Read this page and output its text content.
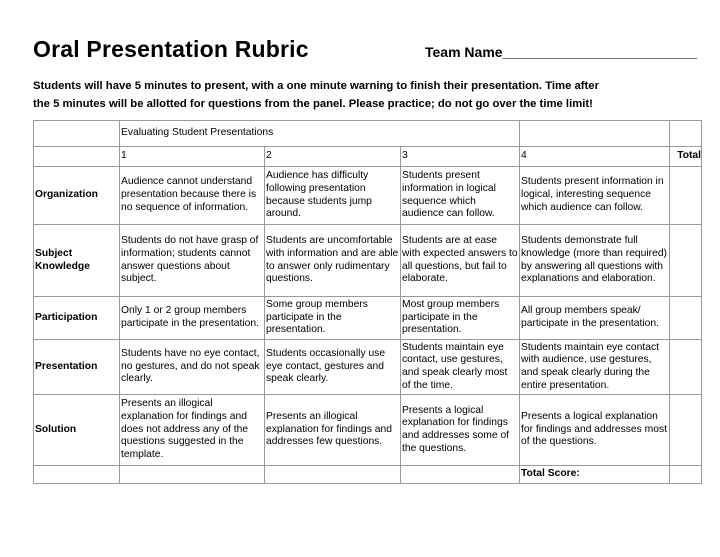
Oral Presentation Rubric	Team Name_________________________
Students will have 5 minutes to present, with a one minute warning to finish their presentation. Time after
the 5 minutes will be allotted for questions from the panel. Please practice; do not go over the time limit!
	Evaluating Student Presentations				
	1	2	3	4	Total
Organization	Audience cannot understand presentation because there is no sequence of information.	Audience has difficulty following presentation because students jump around.	Students present information in logical sequence which audience can follow.	Students present information in logical, interesting sequence which audience can follow.	
Subject Knowledge	Students do not have grasp of information; students cannot answer questions about subject.	Students are uncomfortable with information and are able to answer only rudimentary questions.	Students are at ease with expected answers to all questions, but fail to elaborate.	Students demonstrate full knowledge (more than required) by answering all questions with explanations and elaboration.	
Participation	Only 1 or 2 group members participate in the presentation.	Some group members participate in the presentation.	Most group members participate in the presentation.	All group members speak/ participate in the presentation.	
Presentation	Students have no eye contact, no gestures, and do not speak clearly.	Students occasionally use eye contact, gestures and speak clearly.	Students maintain eye contact, use gestures, and speak clearly most of the time.	Students maintain eye contact with audience, use gestures, and speak clearly during the entire presentation.	
Solution	Presents an illogical explanation for findings and does not address any of the questions suggested in the template.	Presents an illogical explanation for findings and addresses few questions.	Presents a logical explanation for findings and addresses some of the questions.	Presents a logical explanation for findings and addresses most of the questions.	
				Total Score:	
